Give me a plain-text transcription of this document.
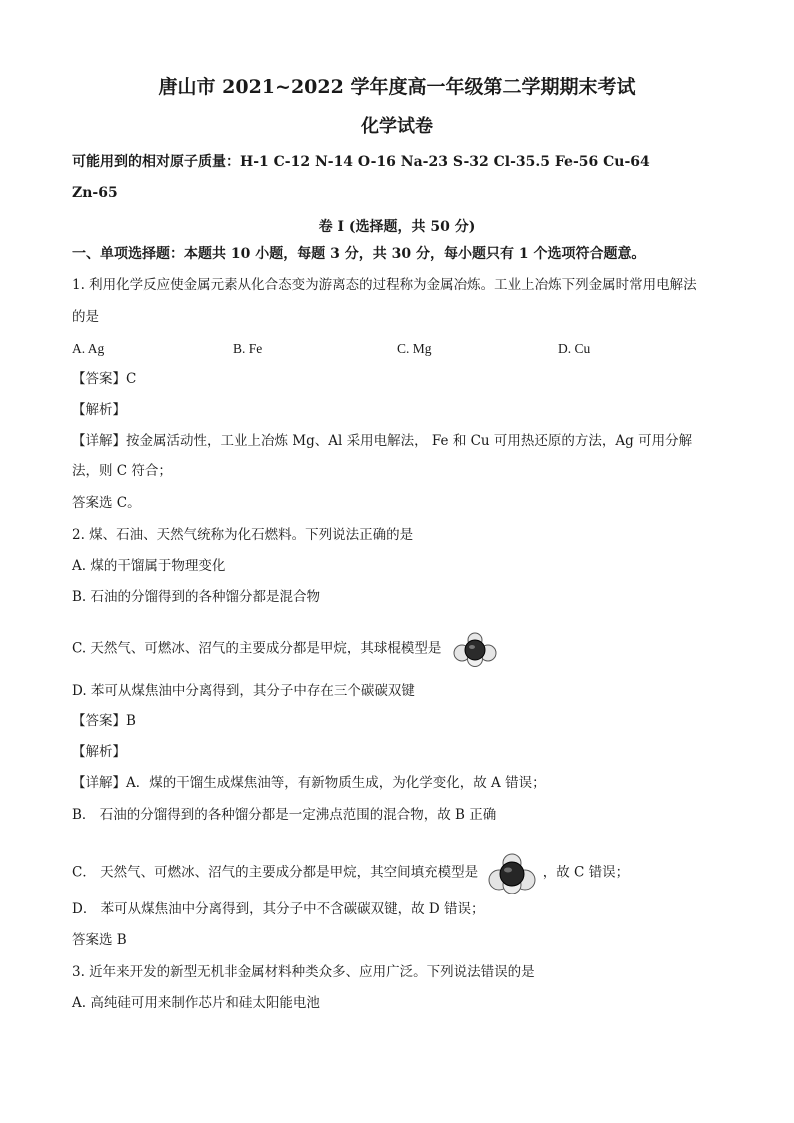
唐山市 2021~2022 学年度高一年级第二学期期末考试
化学试卷
可能用到的相对原子质量：H-1 C-12 N-14 O-16 Na-23 S-32 Cl-35.5 Fe-56 Cu-64
Zn-65
卷 I (选择题，共 50 分)
一、单项选择题：本题共 10 小题，每题 3 分，共 30 分，每小题只有 1 个选项符合题意。
1. 利用化学反应使金属元素从化合态变为游离态的过程称为金属冶炼。工业上冶炼下列金属时常用电解法
的是
A. Ag	B. Fe	C. Mg	D. Cu
【答案】C
【解析】
【详解】按金属活动性，工业上冶炼 Mg、Al 采用电解法， Fe 和 Cu 可用热还原的方法，Ag 可用分解
法，则 C 符合；
答案选 C。
2. 煤、石油、天然气统称为化石燃料。下列说法正确的是
A. 煤的干馏属于物理变化
B. 石油的分馏得到的各种馏分都是混合物
C. 天然气、可燃冰、沼气的主要成分都是甲烷，其球棍模型是
D. 苯可从煤焦油中分离得到，其分子中存在三个碳碳双键
【答案】B
【解析】
【详解】A．煤的干馏生成煤焦油等，有新物质生成，为化学变化，故 A 错误；
B． 石油的分馏得到的各种馏分都是一定沸点范围的混合物，故 B 正确
C． 天然气、可燃冰、沼气的主要成分都是甲烷，其空间填充模型是	，故 C 错误；
D． 苯可从煤焦油中分离得到，其分子中不含碳碳双键，故 D 错误；
答案选 B
3. 近年来开发的新型无机非金属材料种类众多、应用广泛。下列说法错误的是
A. 高纯硅可用来制作芯片和硅太阳能电池
